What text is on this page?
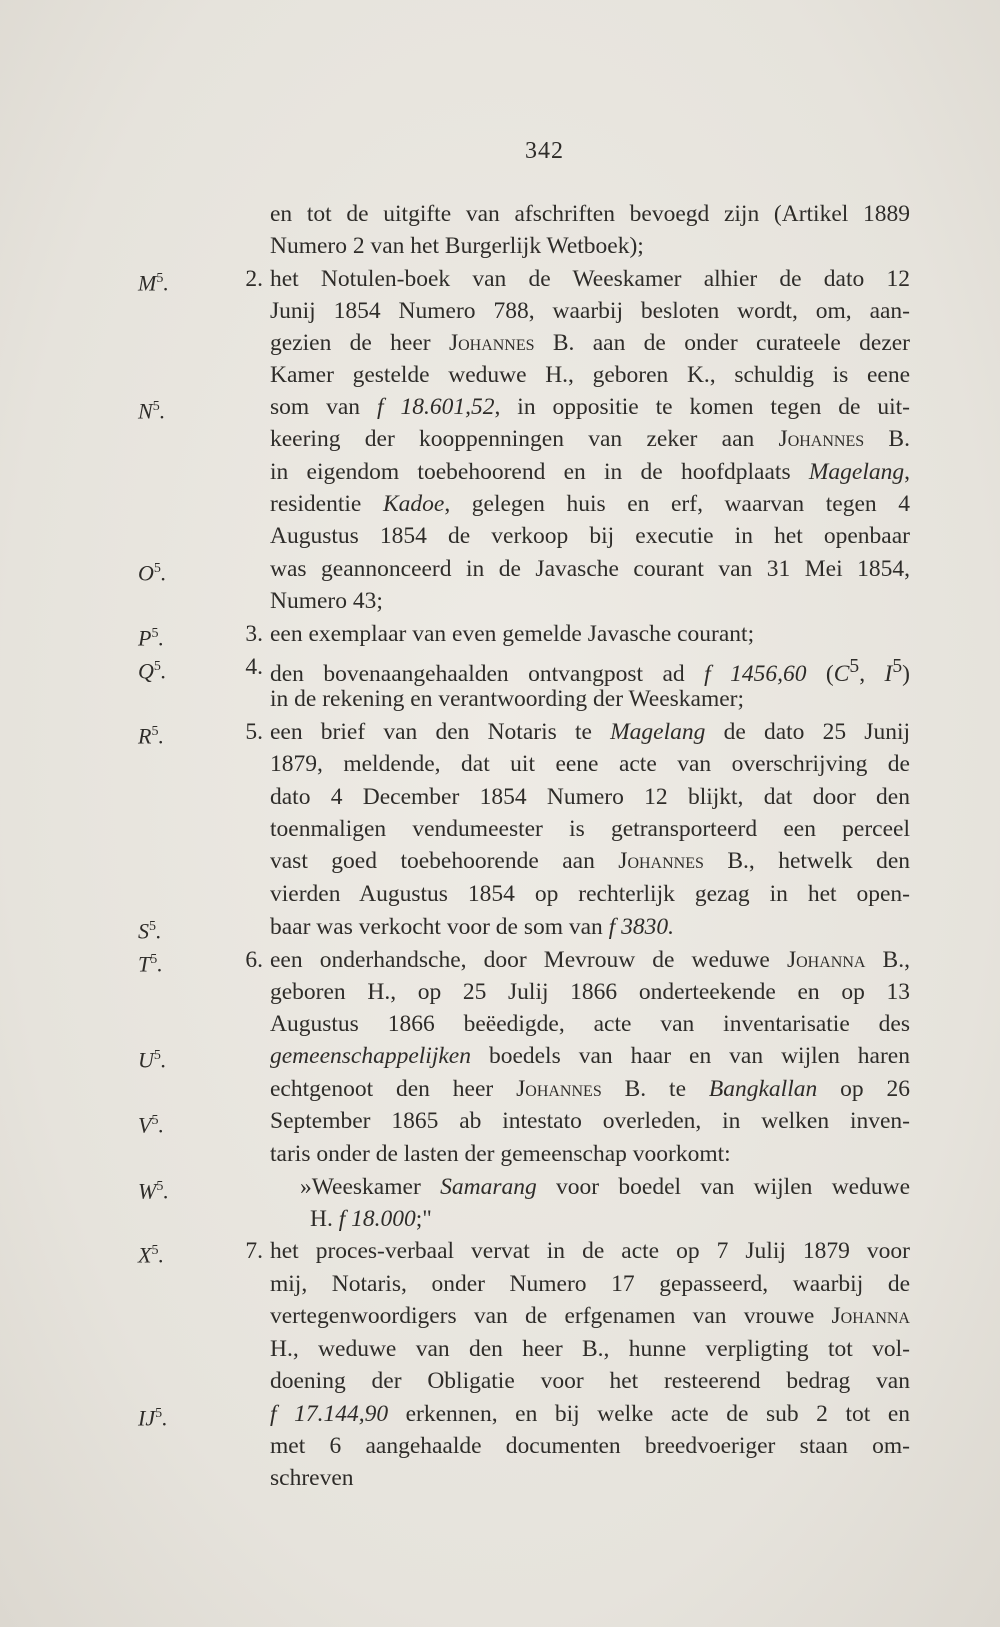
342
$M^5$.
$N^5$.
$O^5$.
$P^5$.
$Q^5$.
$R^5$.
$S^5$.
$T^5$.
$U^5$.
$V^5$.
$W^5$.
$X^5$.
$IJ^5$.
2.
3.
4.
5.
6.
7.
en tot de uitgifte van afschriften bevoegd zijn (Artikel 1889
Numero 2 van het Burgerlijk Wetboek);
het Notulen-boek van de Weeskamer alhier de dato 12
Junij 1854 Numero 788, waarbij besloten wordt, om, aan-
gezien de heer Johannes B. aan de onder curateele dezer
Kamer gestelde weduwe H., geboren K., schuldig is eene
som van f 18.601,52, in oppositie te komen tegen de uit-
keering der kooppenningen van zeker aan Johannes B.
in eigendom toebehoorend en in de hoofdplaats Magelang,
residentie Kadoe, gelegen huis en erf, waarvan tegen 4
Augustus 1854 de verkoop bij executie in het openbaar
was geannonceerd in de Javasche courant van 31 Mei 1854,
Numero 43;
een exemplaar van even gemelde Javasche courant;
den bovenaangehaalden ontvangpost ad f 1456,60 ($C^5$, $I^5$)
in de rekening en verantwoording der Weeskamer;
een brief van den Notaris te Magelang de dato 25 Junij
1879, meldende, dat uit eene acte van overschrijving de
dato 4 December 1854 Numero 12 blijkt, dat door den
toenmaligen vendumeester is getransporteerd een perceel
vast goed toebehoorende aan Johannes B., hetwelk den
vierden Augustus 1854 op rechterlijk gezag in het open-
baar was verkocht voor de som van f 3830.
een onderhandsche, door Mevrouw de weduwe Johanna B.,
geboren H., op 25 Julij 1866 onderteekende en op 13
Augustus 1866 beëedigde, acte van inventarisatie des
gemeenschappelijken boedels van haar en van wijlen haren
echtgenoot den heer Johannes B. te Bangkallan op 26
September 1865 ab intestato overleden, in welken inven-
taris onder de lasten der gemeenschap voorkomt:
»Weeskamer Samarang voor boedel van wijlen weduwe
H. f 18.000;"
het proces-verbaal vervat in de acte op 7 Julij 1879 voor
mij, Notaris, onder Numero 17 gepasseerd, waarbij de
vertegenwoordigers van de erfgenamen van vrouwe Johanna
H., weduwe van den heer B., hunne verpligting tot vol-
doening der Obligatie voor het resteerend bedrag van
f 17.144,90 erkennen, en bij welke acte de sub 2 tot en
met 6 aangehaalde documenten breedvoeriger staan om-
schreven
